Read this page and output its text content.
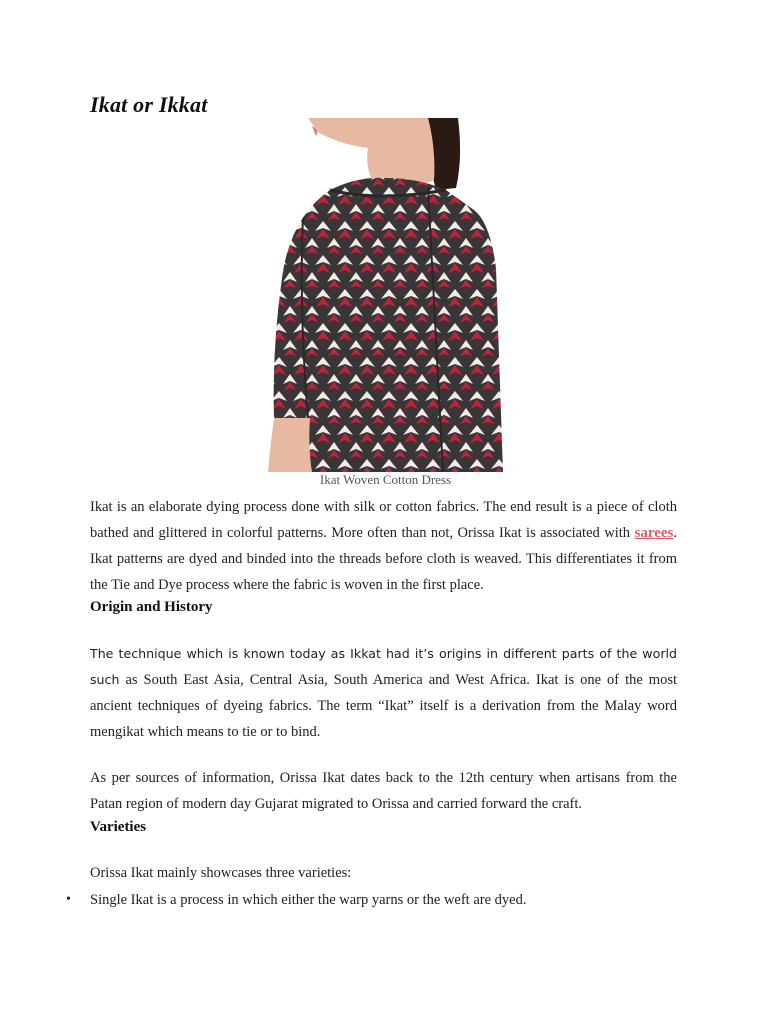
Ikat or Ikkat
Ikat Woven Cotton Dress

Ikat is an elaborate dying process done with silk or cotton fabrics. The end result is a piece of cloth bathed and glittered in colorful patterns. More often than not, Orissa Ikat is associated with sarees. Ikat patterns are dyed and binded into the threads before cloth is weaved. This differentiates it from the Tie and Dye process where the fabric is woven in the first place.

Origin and History

The technique which is known today as Ikkat had it’s origins in different parts of the world such as South East Asia, Central Asia, South America and West Africa. Ikat is one of the most ancient techniques of dyeing fabrics. The term “Ikat” itself is a derivation from the Malay word mengikat which means to tie or to bind.

As per sources of information, Orissa Ikat dates back to the 12th century when artisans from the Patan region of modern day Gujarat migrated to Orissa and carried forward the craft.

Varieties

Orissa Ikat mainly showcases three varieties:

• Single Ikat is a process in which either the warp yarns or the weft are dyed.
